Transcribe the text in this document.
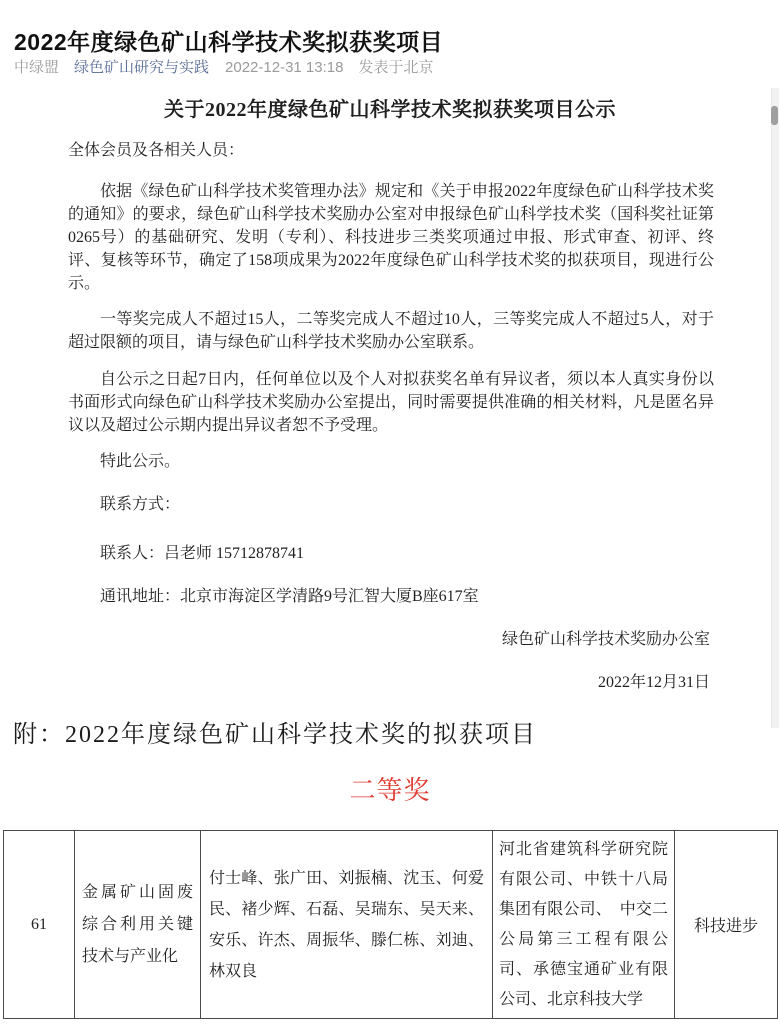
2022年度绿色矿山科学技术奖拟获奖项目
中绿盟 绿色矿山研究与实践 2022-12-31 13:18 发表于北京
关于2022年度绿色矿山科学技术奖拟获奖项目公示
全体会员及各相关人员：
依据《绿色矿山科学技术奖管理办法》规定和《关于申报2022年度绿色矿山科学技术奖的通知》的要求，绿色矿山科学技术奖励办公室对申报绿色矿山科学技术奖（国科奖社证第0265号）的基础研究、发明（专利）、科技进步三类奖项通过申报、形式审查、初评、终评、复核等环节，确定了158项成果为2022年度绿色矿山科学技术奖的拟获项目，现进行公示。
一等奖完成人不超过15人，二等奖完成人不超过10人，三等奖完成人不超过5人，对于超过限额的项目，请与绿色矿山科学技术奖励办公室联系。
自公示之日起7日内，任何单位以及个人对拟获奖名单有异议者，须以本人真实身份以书面形式向绿色矿山科学技术奖励办公室提出，同时需要提供准确的相关材料，凡是匿名异议以及超过公示期内提出异议者恕不予受理。
特此公示。
联系方式：
联系人：吕老师 15712878741
通讯地址：北京市海淀区学清路9号汇智大厦B座617室
绿色矿山科学技术奖励办公室
2022年12月31日
附：2022年度绿色矿山科学技术奖的拟获项目
二等奖
61	金属矿山固废综合利用关键技术与产业化	付士峰、张广田、刘振楠、沈玉、何爱民、褚少辉、石磊、吴瑞东、吴天来、安乐、许杰、周振华、滕仁栋、刘迪、林双良	河北省建筑科学研究院有限公司、中铁十八局集团有限公司、　中交二公局第三工程有限公司、承德宝通矿业有限公司、北京科技大学	科技进步
